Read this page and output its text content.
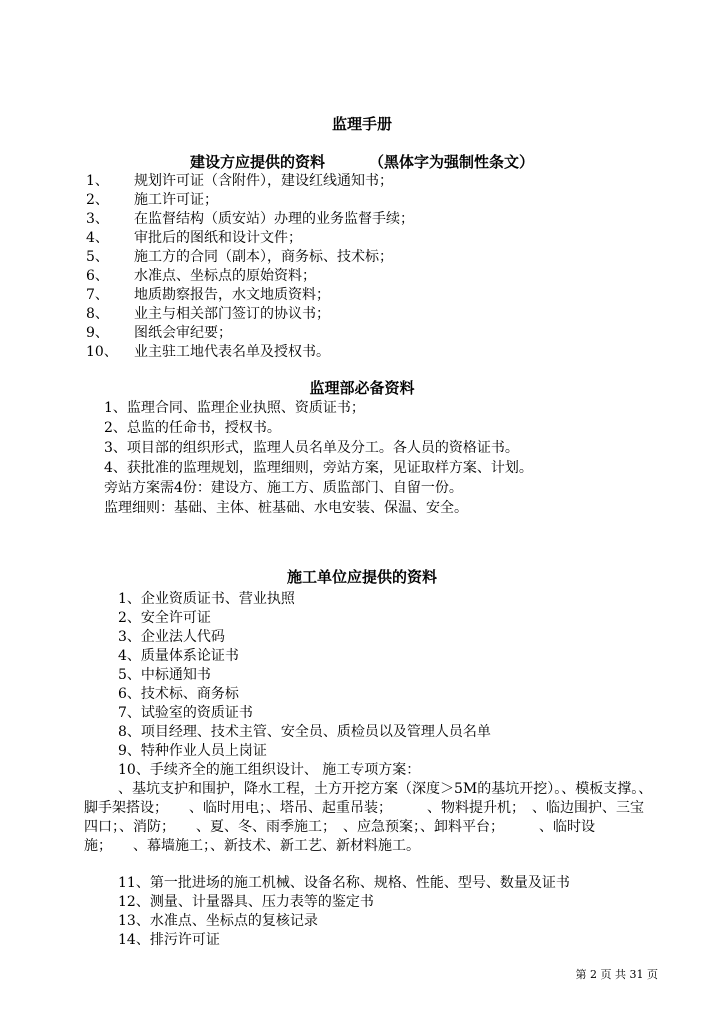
监理手册
建设方应提供的资料	（黑体字为强制性条文）
1、 规划许可证（含附件），建设红线通知书；
2、 施工许可证；
3、 在监督结构（质安站）办理的业务监督手续；
4、 审批后的图纸和设计文件；
5、 施工方的合同（副本），商务标、技术标；
6、 水准点、坐标点的原始资料；
7、 地质勘察报告，水文地质资料；
8、 业主与相关部门签订的协议书；
9、 图纸会审纪要；
10、 业主驻工地代表名单及授权书。
监理部必备资料
1、监理合同、监理企业执照、资质证书；
2、总监的任命书，授权书。
3、项目部的组织形式，监理人员名单及分工。各人员的资格证书。
4、获批准的监理规划，监理细则，旁站方案，见证取样方案、计划。
旁站方案需4份：建设方、施工方、质监部门、自留一份。
监理细则：基础、主体、桩基础、水电安装、保温、安全。
施工单位应提供的资料
1、企业资质证书、营业执照
2、安全许可证
3、企业法人代码
4、质量体系论证书
5、中标通知书
6、技术标、商务标
7、试验室的资质证书
8、项目经理、技术主管、安全员、质检员以及管理人员名单
9、特种作业人员上岗证
10、手续齐全的施工组织设计、 施工专项方案：
、基坑支护和围护，降水工程，土方开挖方案（深度＞5M的基坑开挖）。、模板支撑。、脚手架搭设；　　、临时用电；、塔吊、起重吊装；　　　、物料提升机；　、临边围护、三宝四口；、消防；　　、夏、冬、雨季施工；　、应急预案；、卸料平台；　　　、临时设施；　　、幕墙施工；、新技术、新工艺、新材料施工。
11、第一批进场的施工机械、设备名称、规格、性能、型号、数量及证书
12、测量、计量器具、压力表等的鉴定书
13、水准点、坐标点的复核记录
14、排污许可证
第 2 页 共 31 页
